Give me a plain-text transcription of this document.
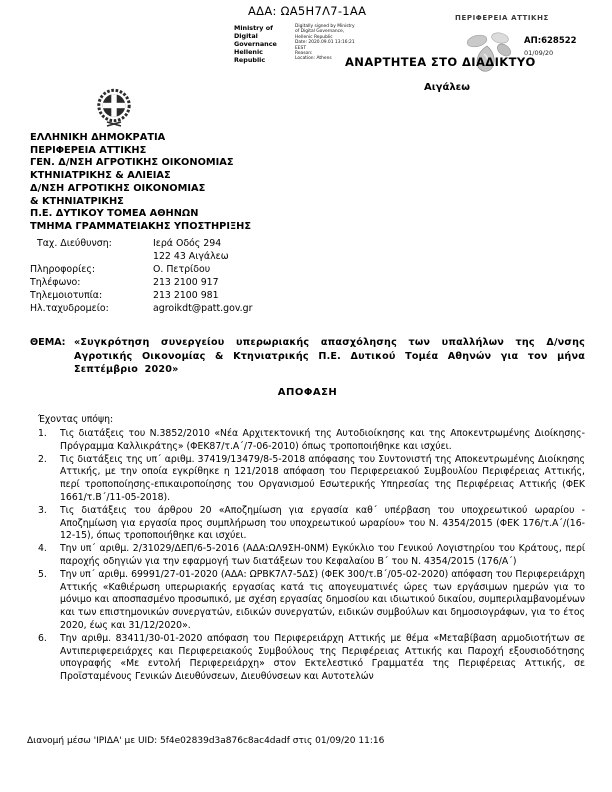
ΑΔΑ: ΩΑ5Η7Λ7-1ΑΑ
Ministry of Digital
Governance
Hellenic Republic
Digitally signed by Ministry
of Digital Governance,
Hellenic Republic
Date: 2020.09.01 13:16:21
EEST
Reason:
Location: Athens
ΠΕΡΙΦΕΡΕΙΑ ΑΤΤΙΚΗΣ
ΑΠ:628522
01/09/20
ΑΝΑΡΤΗΤΕΑ ΣΤΟ ΔΙΑΔΙΚΤΥΟ
Αιγάλεω
ΕΛΛΗΝΙΚΗ ΔΗΜΟΚΡΑΤΙΑ
ΠΕΡΙΦΕΡΕΙΑ ΑΤΤΙΚΗΣ
ΓΕΝ. Δ/ΝΣΗ ΑΓΡΟΤΙΚΗΣ ΟΙΚΟΝΟΜΙΑΣ
ΚΤΗΝΙΑΤΡΙΚΗΣ & ΑΛΙΕΙΑΣ
Δ/ΝΣΗ ΑΓΡΟΤΙΚΗΣ ΟΙΚΟΝΟΜΙΑΣ
& ΚΤΗΝΙΑΤΡΙΚΗΣ
Π.Ε. ΔΥΤΙΚΟΥ ΤΟΜΕΑ ΑΘΗΝΩΝ
ΤΜΗΜΑ ΓΡΑΜΜΑΤΕΙΑΚΗΣ ΥΠΟΣΤΗΡΙΞΗΣ
Ταχ. Διεύθυνση:	Ιερά Οδός 294
122 43 Αιγάλεω
Πληροφορίες:	Ο. Πετρίδου
Τηλέφωνο:	213 2100 917
Τηλεμοιοτυπία:	213 2100 981
Ηλ.ταχυδρομείο:	agroikdt@patt.gov.gr
ΘΕΜΑ: «Συγκρότηση συνεργείου υπερωριακής απασχόλησης των υπαλλήλων της Δ/νσης Αγροτικής Οικονομίας & Κτηνιατρικής Π.Ε. Δυτικού Τομέα Αθηνών για τον μήνα Σεπτέμβριο 2020»
ΑΠΟΦΑΣΗ
Έχοντας υπόψη:
1.	Τις διατάξεις του Ν.3852/2010 «Νέα Αρχιτεκτονική της Αυτοδιοίκησης και της Αποκεντρωμένης Διοίκησης-Πρόγραμμα Καλλικράτης» (ΦΕΚ87/τ.Α΄/7-06-2010) όπως τροποποιήθηκε και ισχύει.
2.	Τις διατάξεις της υπ΄ αριθμ. 37419/13479/8-5-2018 απόφασης του Συντονιστή της Αποκεντρωμένης Διοίκησης Αττικής, με την οποία εγκρίθηκε η 121/2018 απόφαση του Περιφερειακού Συμβουλίου Περιφέρειας Αττικής, περί τροποποίησης-επικαιροποίησης του Οργανισμού Εσωτερικής Υπηρεσίας της Περιφέρειας Αττικής (ΦΕΚ 1661/τ.Β΄/11-05-2018).
3.	Τις διατάξεις του άρθρου 20 «Αποζημίωση για εργασία καθ΄ υπέρβαση του υποχρεωτικού ωραρίου - Αποζημίωση για εργασία προς συμπλήρωση του υποχρεωτικού ωραρίου» του Ν. 4354/2015 (ΦΕΚ 176/τ.Α΄/(16-12-15), όπως τροποποιήθηκε και ισχύει.
4.	Την υπ΄ αριθμ. 2/31029/ΔΕΠ/6-5-2016 (ΑΔΑ:ΩΛ9ΣΗ-0ΝΜ) Εγκύκλιο του Γενικού Λογιστηρίου του Κράτους, περί παροχής οδηγιών για την εφαρμογή των διατάξεων του Κεφαλαίου Β΄ του Ν. 4354/2015 (176/Α΄)
5.	Την υπ΄ αριθμ. 69991/27-01-2020 (ΑΔΑ: ΩΡΒΚ7Λ7-5ΔΣ) (ΦΕΚ 300/τ.Β΄/05-02-2020) απόφαση του Περιφερειάρχη Αττικής «Καθιέρωση υπερωριακής εργασίας κατά τις απογευματινές ώρες των εργάσιμων ημερών για το μόνιμο και αποσπασμένο προσωπικό, με σχέση εργασίας δημοσίου και ιδιωτικού δικαίου, συμπεριλαμβανομένων και των επιστημονικών συνεργατών, ειδικών συνεργατών, ειδικών συμβούλων και δημοσιογράφων, για το έτος 2020, έως και 31/12/2020».
6.	Την αριθμ. 83411/30-01-2020 απόφαση του Περιφερειάρχη Αττικής με θέμα «Μεταβίβαση αρμοδιοτήτων σε Αντιπεριφερειάρχες και Περιφερειακούς Συμβούλους της Περιφέρειας Αττικής και Παροχή εξουσιοδότησης υπογραφής «Με εντολή Περιφερειάρχη» στον Εκτελεστικό Γραμματέα της Περιφέρειας Αττικής, σε Προϊσταμένους Γενικών Διευθύνσεων, Διευθύνσεων και Αυτοτελών
Διανομή μέσω 'ΙΡΙΔΑ' με UID: 5f4e02839d3a876c8ac4dadf στις 01/09/20 11:16
